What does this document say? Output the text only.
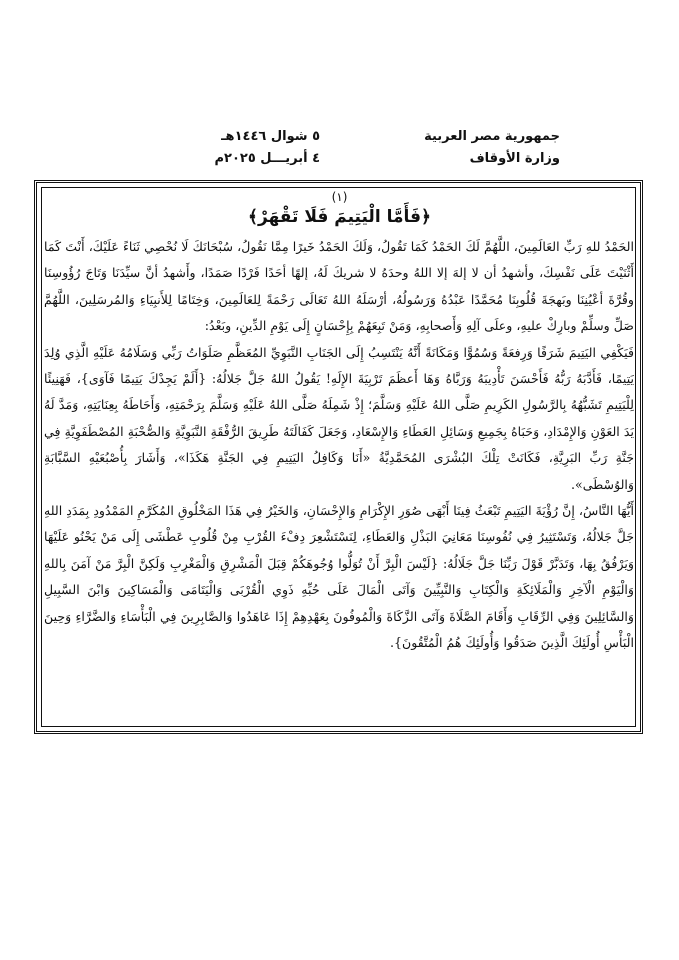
جمهورية مصر العربية
وزارة الأوقاف
٥ شوال ١٤٤٦هـ
٤ أبريـــل ٢٠٢٥م
(١)
﴿فَأَمَّا الْيَتِيمَ فَلَا تَقْهَرْ﴾

الحَمْدُ للهِ رَبِّ العَالَمِينَ، اللَّهُمَّ لَكَ الحَمْدُ كَمَا تَقُولُ، وَلَكَ الحَمْدُ خَيرًا مِمَّا نَقُولُ، سُبْحَانَكَ لَا نُحْصِي ثَنَاءً عَلَيْكَ، أَنْتَ كَمَا أَثْنَيْتَ عَلَى نَفْسِكَ، وأشهدُ أن لا إلهَ إلا اللهُ وحدَهُ لا شريكَ لَهُ، إلهًا أحَدًا فَرْدًا صَمَدًا، وأَشهدُ أنَّ سيِّدَنَا وَتَاجَ رُؤُوسِنَا وقُرَّةَ أعْيُنِنَا وبَهجَةَ قُلُوبِنَا مُحَمَّدًا عَبْدُهُ وَرَسُولُهُ، أرْسَلَهُ اللهُ تَعَالَى رَحْمَةً لِلعَالَمِينَ، وَخِتَامًا لِلأَنبِيَاءِ وَالمُرسَلِينَ، اللَّهُمَّ صَلِّ وسلِّمْ وبارِكْ عليهِ، وعلَى آلِهِ وَأَصحابِهِ، وَمَنْ تَبِعَهُمْ بِإِحْسَانٍ إِلَى يَوْمِ الدِّينِ، وبَعْدُ:

فَيَكْفِي اليَتِيمَ شَرَفًا وَرِفعَةً وَسُمُوًّا وَمَكَانَةً أَنَّهُ يَنْتَسِبُ إِلَى الجَنَابِ النَّبَوِيِّ المُعَظَّمِ صَلَوَاتُ رَبِّي وَسَلَامُهُ عَلَيْهِ الَّذِي وُلِدَ يَتِيمًا، فَأَدَّبَهُ رَبُّهُ فَأَحْسَنَ تَأْدِيبَهُ وَرَبَّاهُ وَهَا أَعظَمَ تَرْبِيَةَ الإِلَهِ! يَقُولُ اللهُ جَلَّ جَلالُهُ: {أَلَمْ يَجِدْكَ يَتِيمًا فَآوَى}، فَهَنِيئًا لِلْيَتِيمِ تَشَبُّهُهُ بِالرَّسُولِ الكَرِيمِ صَلَّى اللهُ عَلَيْهِ وَسَلَّمَ؛ إِذْ شَمِلَهُ صَلَّى اللهُ عَلَيْهِ وَسَلَّمَ بِرَحْمَتِهِ، وَأَحَاطَهُ بِعِنَايَتِهِ، وَمَدَّ لَهُ يَدَ العَوْنِ وَالإِمْدَادِ، وَحَبَاهُ بِجَمِيعِ وَسَائِلِ العَطَاءِ وَالإِسْعَادِ، وَجَعَلَ كَفَالَتَهُ طَرِيقَ الرُّفْقَةِ النَّبَوِيَّةِ وَالصُّحْبَةِ المُصْطَفَوِيَّةِ فِي جَنَّةِ رَبِّ البَرِيَّةِ، فَكَانَتْ تِلْكَ البُشْرَى المُحَمَّدِيَّةُ «أَنَا وَكَافِلُ اليَتِيمِ فِي الجَنَّةِ هَكَذَا»، وَأَشَارَ بِأُصْبُعَيْهِ السَّبَّابَةِ وَالوُسْطَى».

أَيُّهَا النَّاسُ، إِنَّ رُؤْيَةَ اليَتِيمِ تَبْعَثُ فِينَا أَبْهَى صُوَرِ الإِكْرَامِ وَالإِحْسَانِ، وَالخَيْرُ فِي هَذَا المَخْلُوقِ المُكَرَّمِ المَمْدُودِ بِمَدَدِ اللهِ جَلَّ جَلالُهُ، وَتَسْتَثِيرُ فِي نُفُوسِنَا مَعَانِيَ البَذْلِ وَالعَطَاءِ، لِنَسْتَشْعِرَ دِفْءَ القُرْبِ مِنْ قُلُوبِ عَطْشَى إِلَى مَنْ يَحْنُو عَلَيْهَا وَيَرْفُقُ بِهَا، وَتَدَبَّرْ قَوْلَ رَبِّنَا جَلَّ جَلَالُهُ: {لَيْسَ الْبِرَّ أَنْ تُوَلُّوا وُجُوهَكُمْ قِبَلَ الْمَشْرِقِ وَالْمَغْرِبِ وَلَكِنَّ الْبِرَّ مَنْ آمَنَ بِاللهِ وَالْيَوْمِ الْآخِرِ وَالْمَلَائِكَةِ وَالْكِتَابِ وَالنَّبِيِّينَ وَآتَى الْمَالَ عَلَى حُبِّهِ ذَوِي الْقُرْبَى وَالْيَتَامَى وَالْمَسَاكِينَ وَابْنَ السَّبِيلِ وَالسَّائِلِينَ وَفِي الرِّقَابِ وَأَقَامَ الصَّلَاةَ وَآتَى الزَّكَاةَ وَالْمُوفُونَ بِعَهْدِهِمْ إِذَا عَاهَدُوا وَالصَّابِرِينَ فِي الْبَأْسَاءِ وَالضَّرَّاءِ وَحِينَ الْبَأْسِ أُولَئِكَ الَّذِينَ صَدَقُوا وَأُولَئِكَ هُمُ الْمُتَّقُونَ}.
